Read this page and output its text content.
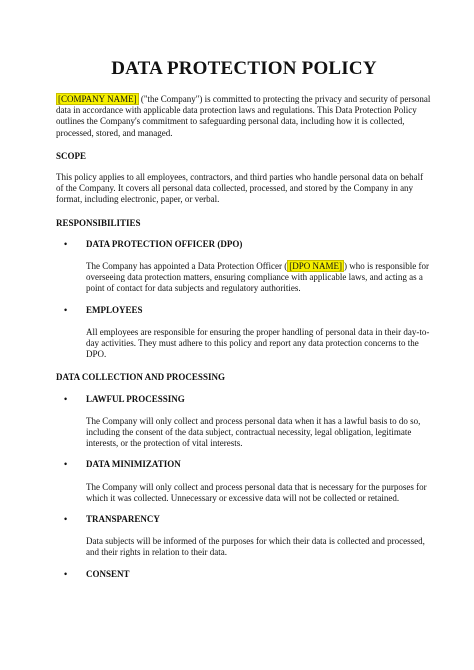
DATA PROTECTION POLICY

[COMPANY NAME] ("the Company") is committed to protecting the privacy and security of personal data in accordance with applicable data protection laws and regulations. This Data Protection Policy outlines the Company's commitment to safeguarding personal data, including how it is collected, processed, stored, and managed.

SCOPE

This policy applies to all employees, contractors, and third parties who handle personal data on behalf of the Company. It covers all personal data collected, processed, and stored by the Company in any format, including electronic, paper, or verbal.

RESPONSIBILITIES

• DATA PROTECTION OFFICER (DPO)

The Company has appointed a Data Protection Officer ( [DPO NAME] ) who is responsible for overseeing data protection matters, ensuring compliance with applicable laws, and acting as a point of contact for data subjects and regulatory authorities.

• EMPLOYEES

All employees are responsible for ensuring the proper handling of personal data in their day-to-day activities. They must adhere to this policy and report any data protection concerns to the DPO.

DATA COLLECTION AND PROCESSING

• LAWFUL PROCESSING

The Company will only collect and process personal data when it has a lawful basis to do so, including the consent of the data subject, contractual necessity, legal obligation, legitimate interests, or the protection of vital interests.

• DATA MINIMIZATION

The Company will only collect and process personal data that is necessary for the purposes for which it was collected. Unnecessary or excessive data will not be collected or retained.

• TRANSPARENCY

Data subjects will be informed of the purposes for which their data is collected and processed, and their rights in relation to their data.

• CONSENT
